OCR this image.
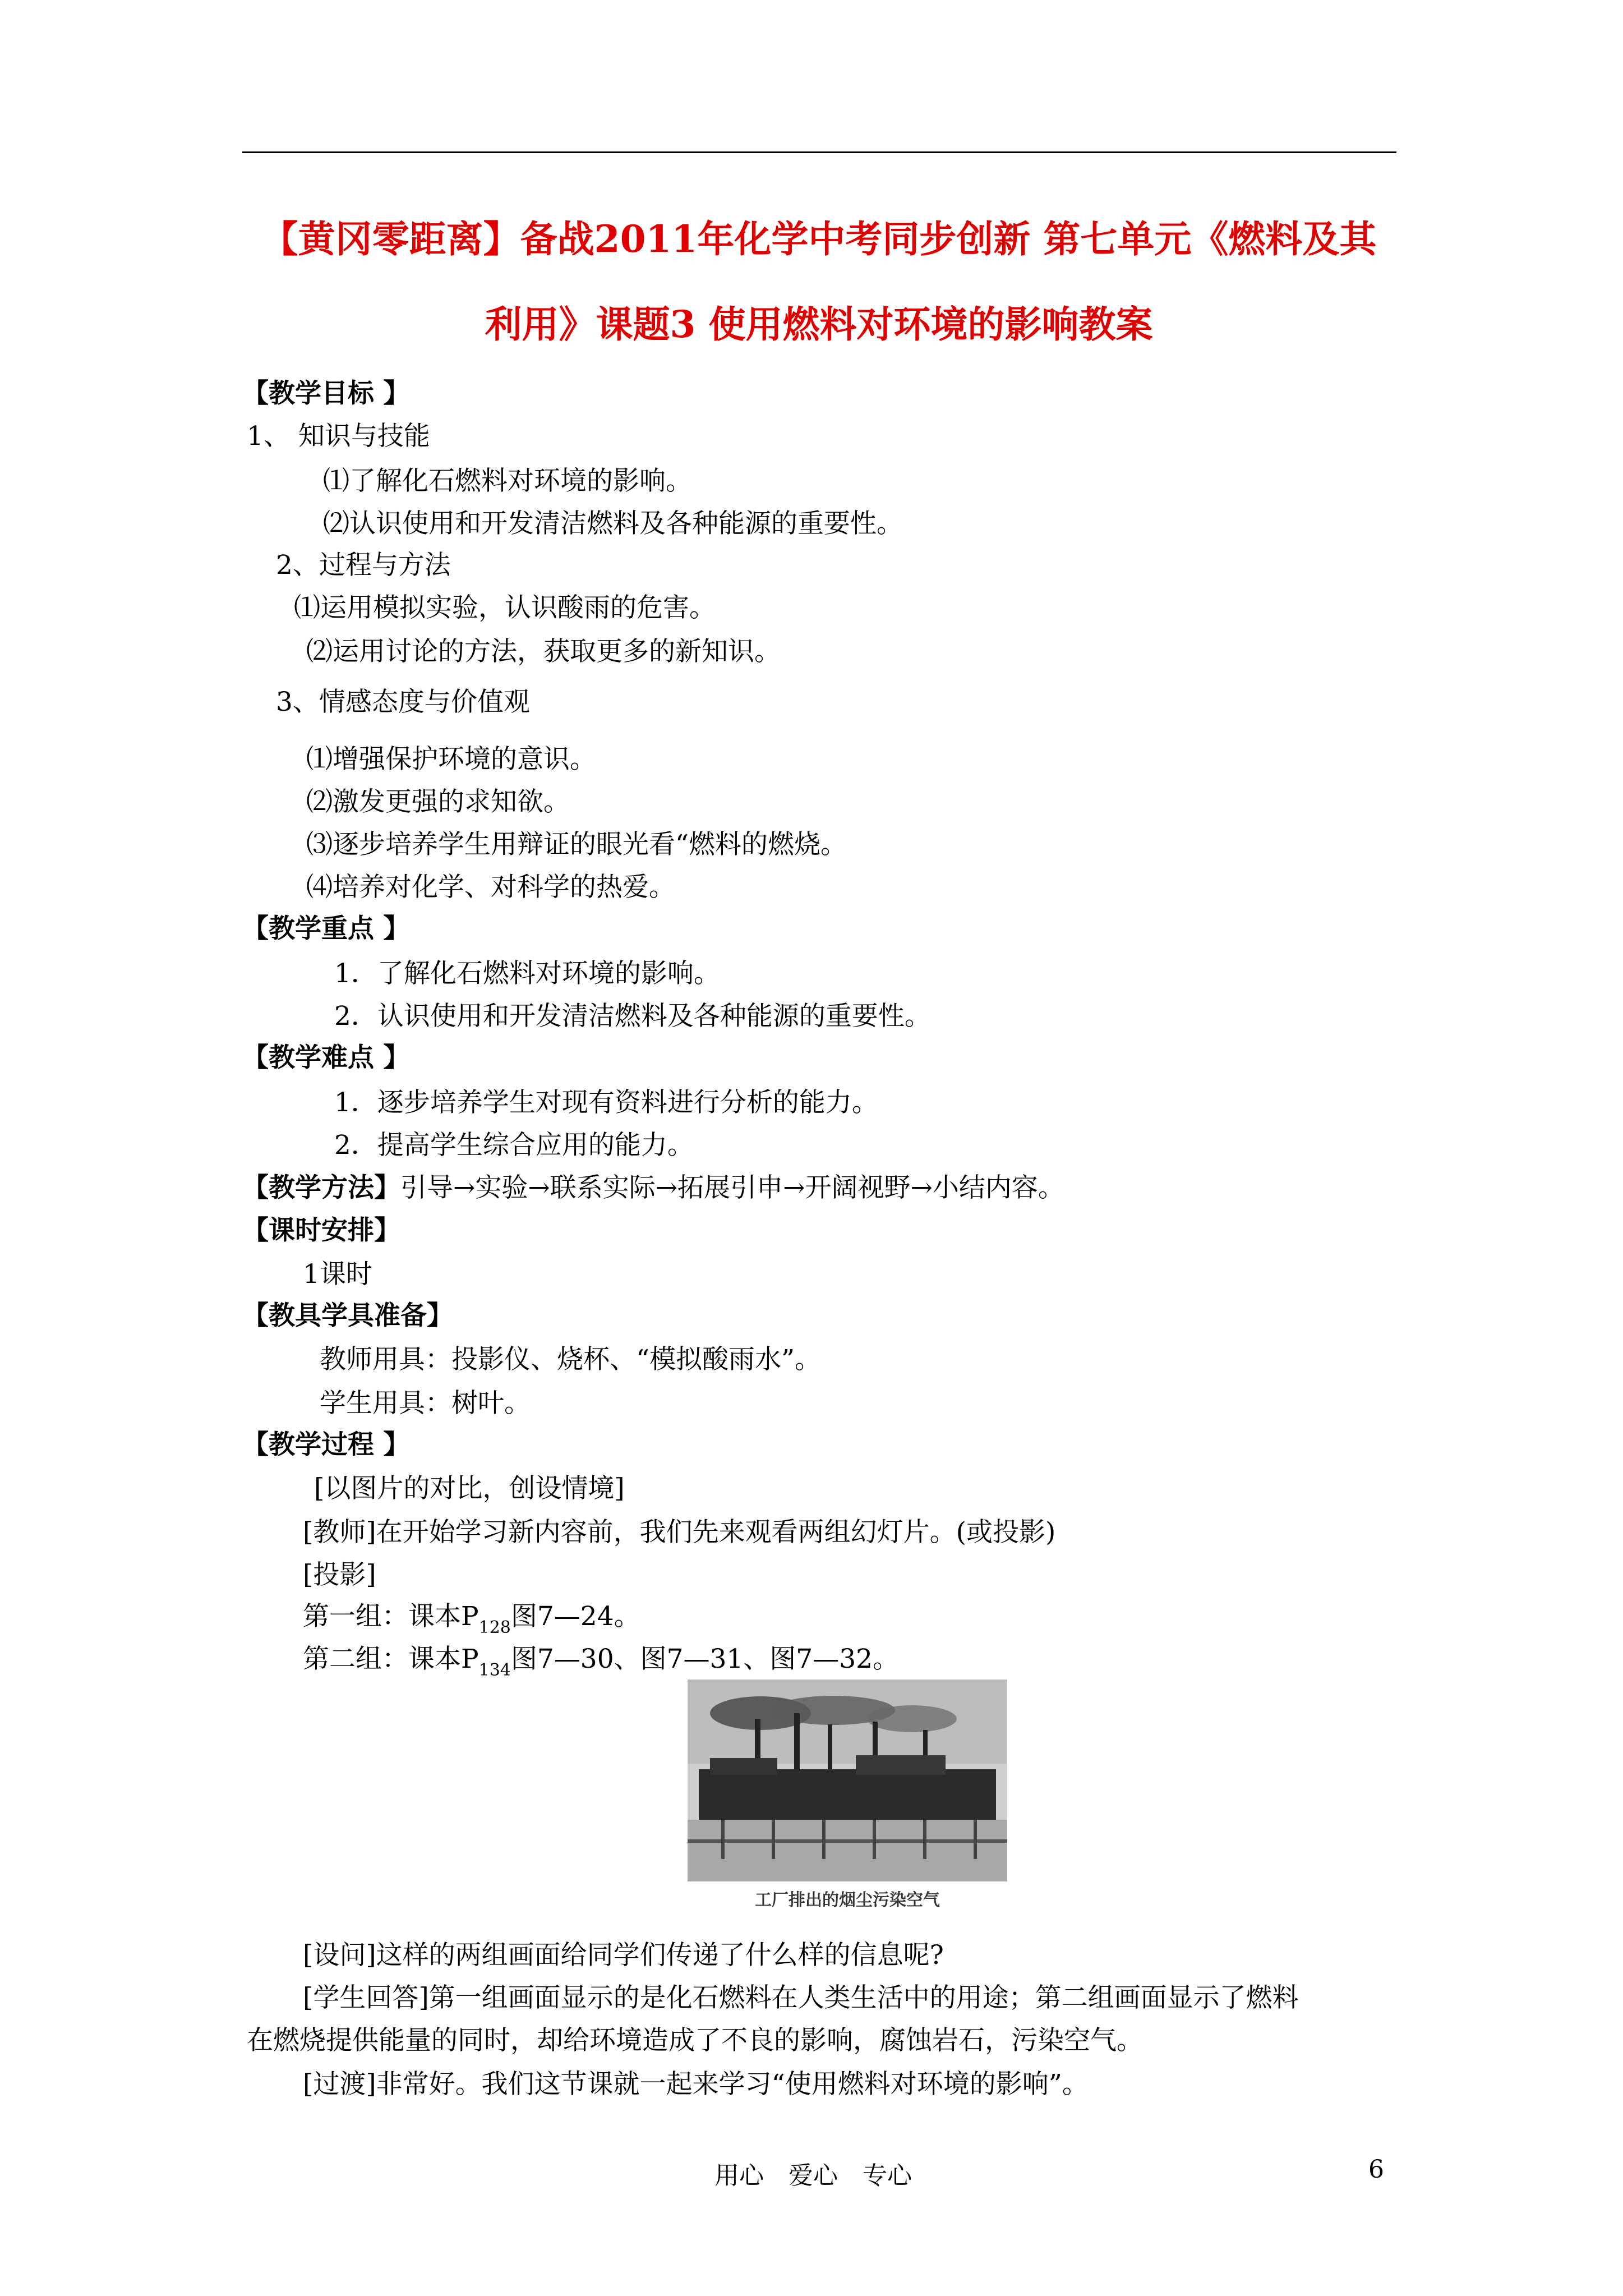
【黄冈零距离】备战2011年化学中考同步创新 第七单元《燃料及其
利用》课题3 使用燃料对环境的影响教案
【教学目标 】
1、 知识与技能
⑴了解化石燃料对环境的影响。
⑵认识使用和开发清洁燃料及各种能源的重要性。
2、过程与方法
⑴运用模拟实验，认识酸雨的危害。
⑵运用讨论的方法，获取更多的新知识。
3、情感态度与价值观
⑴增强保护环境的意识。
⑵激发更强的求知欲。
⑶逐步培养学生用辩证的眼光看“燃料的燃烧。
⑷培养对化学、对科学的热爱。
【教学重点 】
1．了解化石燃料对环境的影响。
2．认识使用和开发清洁燃料及各种能源的重要性。
【教学难点 】
1．逐步培养学生对现有资料进行分析的能力。
2．提高学生综合应用的能力。
【教学方法】引导→实验→联系实际→拓展引申→开阔视野→小结内容。
【课时安排】
1课时
【教具学具准备】
教师用具：投影仪、烧杯、“模拟酸雨水”。
学生用具：树叶。
【教学过程 】
[以图片的对比，创设情境]
[教师]在开始学习新内容前，我们先来观看两组幻灯片。(或投影)
[投影]
第一组：课本$P_{128}$图7—24。
第二组：课本$P_{134}$图7—30、图7—31、图7—32。
工厂排出的烟尘污染空气
[设问]这样的两组画面给同学们传递了什么样的信息呢?
[学生回答]第一组画面显示的是化石燃料在人类生活中的用途；第二组画面显示了燃料
在燃烧提供能量的同时，却给环境造成了不良的影响，腐蚀岩石，污染空气。
[过渡]非常好。我们这节课就一起来学习“使用燃料对环境的影响”。
用心　爱心　专心	6
